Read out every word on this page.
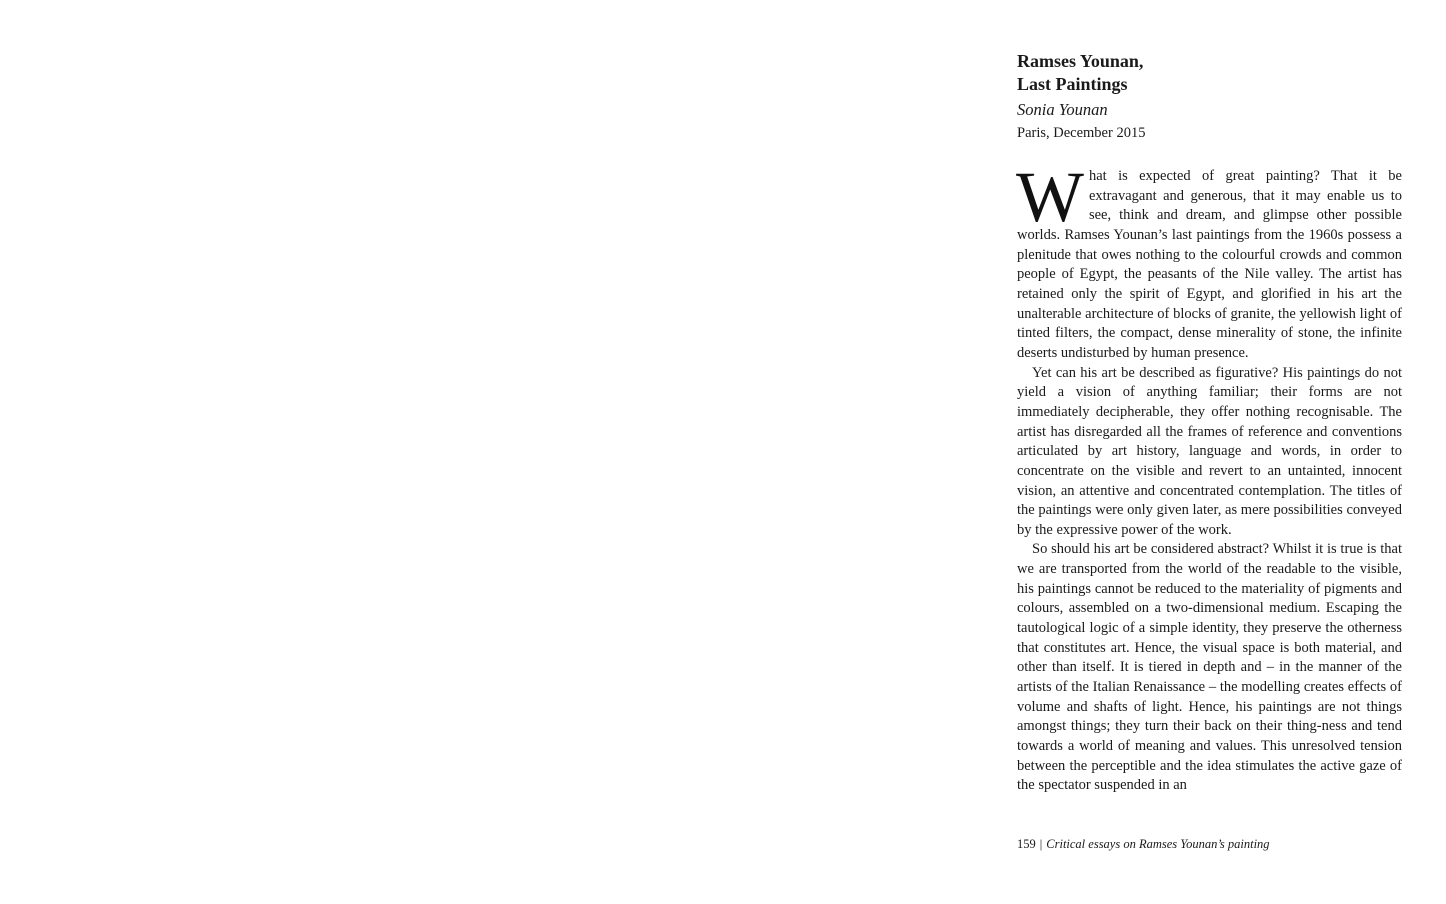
Ramses Younan,
Last Paintings

Sonia Younan

Paris, December 2015

What is expected of great painting? That it be extravagant and generous, that it may enable us to see, think and dream, and glimpse other possible worlds. Ramses Younan’s last paintings from the 1960s possess a plenitude that owes nothing to the colourful crowds and common people of Egypt, the peasants of the Nile valley. The artist has retained only the spirit of Egypt, and glorified in his art the unalterable architecture of blocks of granite, the yellowish light of tinted filters, the compact, dense minerality of stone, the infinite deserts undisturbed by human presence.

Yet can his art be described as figurative? His paintings do not yield a vision of anything familiar; their forms are not immediately decipherable, they offer nothing recognisable. The artist has disregarded all the frames of reference and conventions articulated by art history, language and words, in order to concentrate on the visible and revert to an untainted, innocent vision, an attentive and concentrated contemplation. The titles of the paintings were only given later, as mere possibilities conveyed by the expressive power of the work.

So should his art be considered abstract? Whilst it is true is that we are transported from the world of the readable to the visible, his paintings cannot be reduced to the materiality of pigments and colours, assembled on a two-dimensional medium. Escaping the tautological logic of a simple identity, they preserve the otherness that constitutes art. Hence, the visual space is both material, and other than itself. It is tiered in depth and – in the manner of the artists of the Italian Renaissance – the modelling creates effects of volume and shafts of light. Hence, his paintings are not things amongst things; they turn their back on their thing-ness and tend towards a world of meaning and values. This unresolved tension between the perceptible and the idea stimulates the active gaze of the spectator suspended in an

159 | Critical essays on Ramses Younan’s painting
